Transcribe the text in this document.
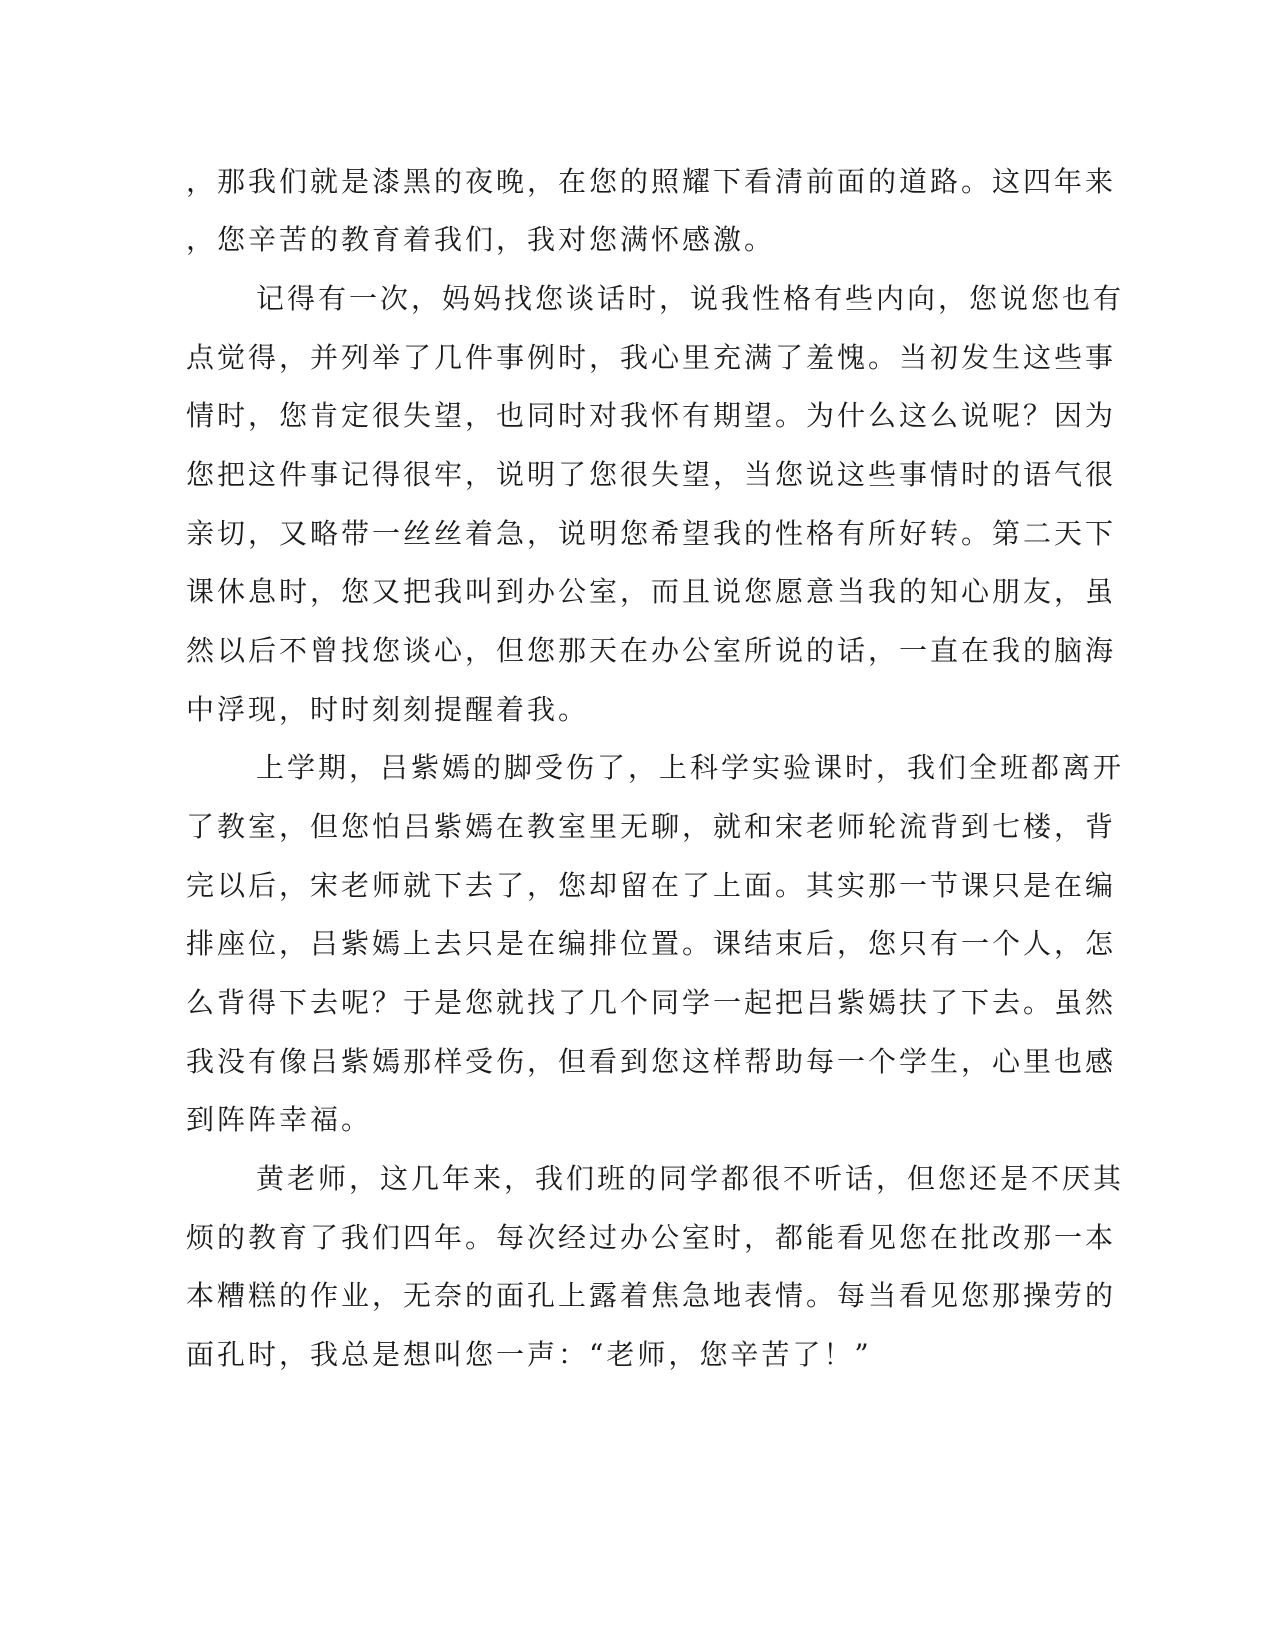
，那我们就是漆黑的夜晚，在您的照耀下看清前面的道路。这四年来
，您辛苦的教育着我们，我对您满怀感激。
记得有一次，妈妈找您谈话时，说我性格有些内向，您说您也有
点觉得，并列举了几件事例时，我心里充满了羞愧。当初发生这些事
情时，您肯定很失望，也同时对我怀有期望。为什么这么说呢？因为
您把这件事记得很牢，说明了您很失望，当您说这些事情时的语气很
亲切，又略带一丝丝着急，说明您希望我的性格有所好转。第二天下
课休息时，您又把我叫到办公室，而且说您愿意当我的知心朋友，虽
然以后不曾找您谈心，但您那天在办公室所说的话，一直在我的脑海
中浮现，时时刻刻提醒着我。
上学期，吕紫嫣的脚受伤了，上科学实验课时，我们全班都离开
了教室，但您怕吕紫嫣在教室里无聊，就和宋老师轮流背到七楼，背
完以后，宋老师就下去了，您却留在了上面。其实那一节课只是在编
排座位，吕紫嫣上去只是在编排位置。课结束后，您只有一个人，怎
么背得下去呢？于是您就找了几个同学一起把吕紫嫣扶了下去。虽然
我没有像吕紫嫣那样受伤，但看到您这样帮助每一个学生，心里也感
到阵阵幸福。
黄老师，这几年来，我们班的同学都很不听话，但您还是不厌其
烦的教育了我们四年。每次经过办公室时，都能看见您在批改那一本
本糟糕的作业，无奈的面孔上露着焦急地表情。每当看见您那操劳的
面孔时，我总是想叫您一声：“老师，您辛苦了！”
